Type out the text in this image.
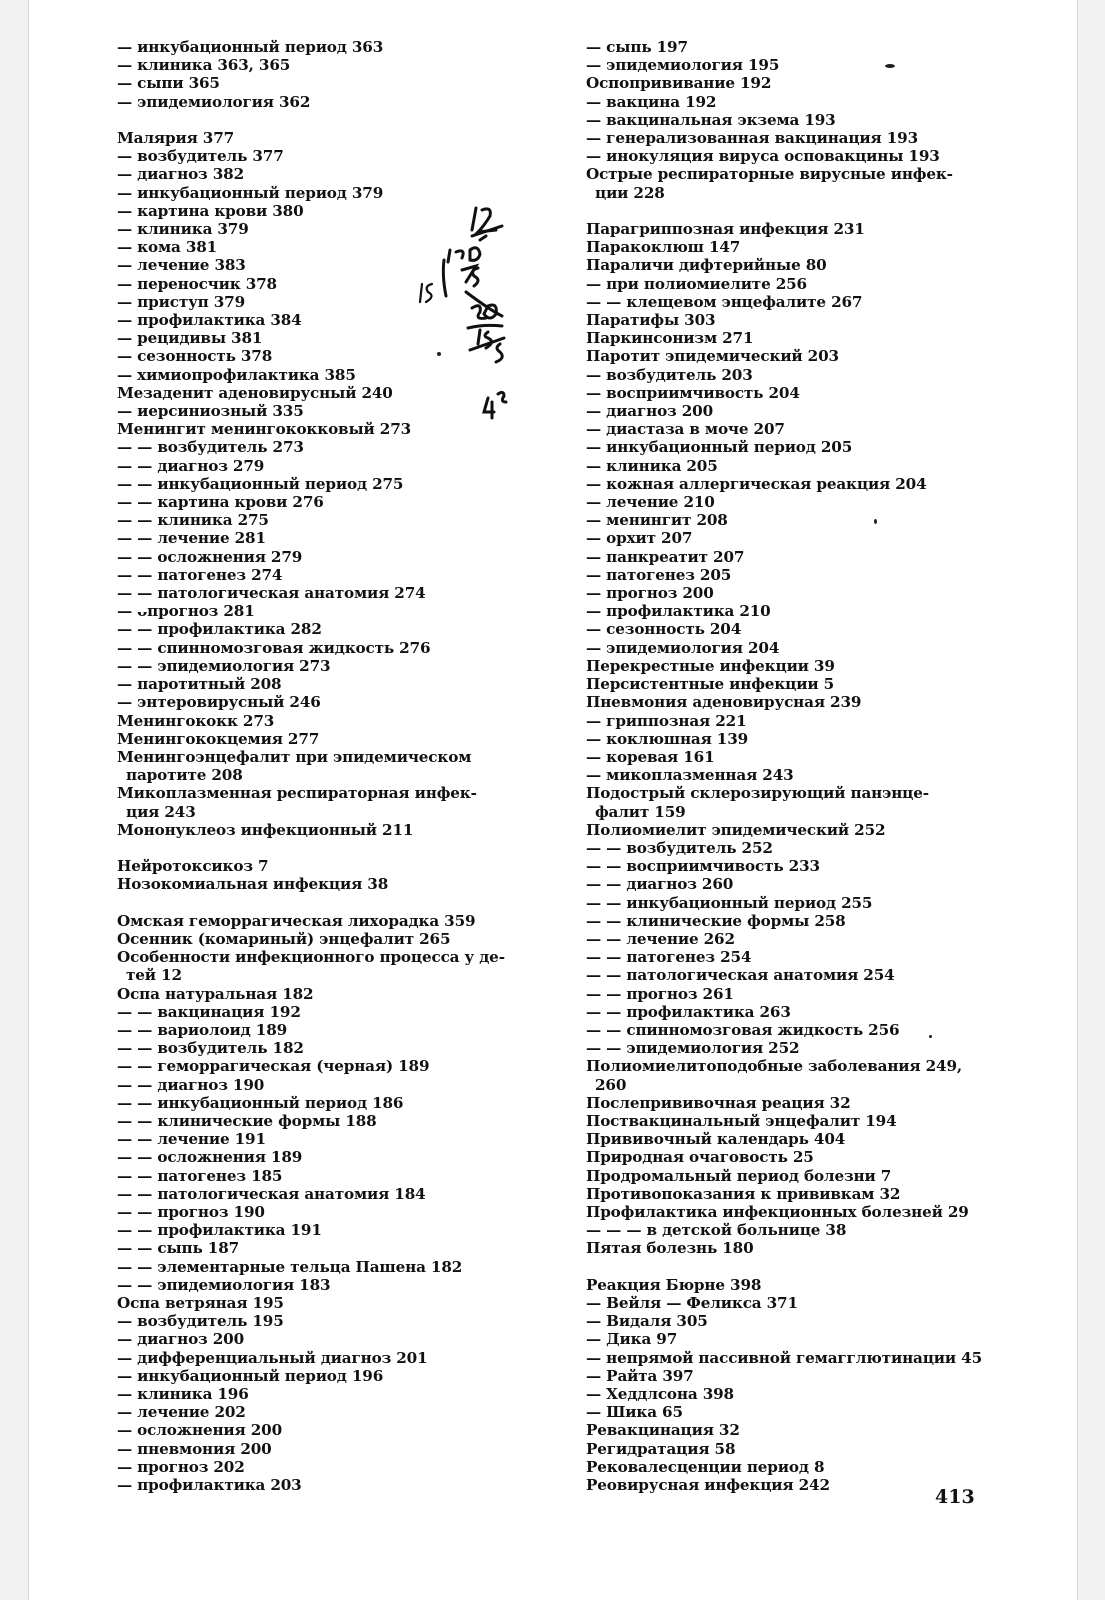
— инкубационный период 363
— клиника 363, 365
— сыпи 365
— эпидемиология 362
Малярия 377
— возбудитель 377
— диагноз 382
— инкубационный период 379
— картина крови 380
— клиника 379
— кома 381
— лечение 383
— переносчик 378
— приступ 379
— профилактика 384
— рецидивы 381
— сезонность 378
— химиопрофилактика 385
Мезаденит аденовирусный 240
— иерсиниозный 335
Менингит менингококковый 273
— — возбудитель 273
— — диагноз 279
— — инкубационный период 275
— — картина крови 276
— — клиника 275
— — лечение 281
— — осложнения 279
— — патогенез 274
— — патологическая анатомия 274
— ᴗпрогноз 281
— — профилактика 282
— — спинномозговая жидкость 276
— — эпидемиология 273
— паротитный 208
— энтеровирусный 246
Менингококк 273
Менингококцемия 277
Менингоэнцефалит при эпидемическом
паротите 208
Микоплазменная респираторная инфек-
ция 243
Мононуклеоз инфекционный 211
Нейротоксикоз 7
Нозокомиальная инфекция 38
Омская геморрагическая лихорадка 359
Осенник (комариный) энцефалит 265
Особенности инфекционного процесса у де-
тей 12
Оспа натуральная 182
— — вакцинация 192
— — вариолоид 189
— — возбудитель 182
— — геморрагическая (черная) 189
— — диагноз 190
— — инкубационный период 186
— — клинические формы 188
— — лечение 191
— — осложнения 189
— — патогенез 185
— — патологическая анатомия 184
— — прогноз 190
— — профилактика 191
— — сыпь 187
— — элементарные тельца Пашена 182
— — эпидемиология 183
Оспа ветряная 195
— возбудитель 195
— диагноз 200
— дифференциальный диагноз 201
— инкубационный период 196
— клиника 196
— лечение 202
— осложнения 200
— пневмония 200
— прогноз 202
— профилактика 203
— сыпь 197
— эпидемиология 195
Оспопрививание 192
— вакцина 192
— вакцинальная экзема 193
— генерализованная вакцинация 193
— инокуляция вируса осповакцины 193
Острые респираторные вирусные инфек-
ции 228
Парагриппозная инфекция 231
Паракоклюш 147
Параличи дифтерийные 80
— при полиомиелите 256
— — клещевом энцефалите 267
Паратифы 303
Паркинсонизм 271
Паротит эпидемический 203
— возбудитель 203
— восприимчивость 204
— диагноз 200
— диастаза в моче 207
— инкубационный период 205
— клиника 205
— кожная аллергическая реакция 204
— лечение 210
— менингит 208
— орхит 207
— панкреатит 207
— патогенез 205
— прогноз 200
— профилактика 210
— сезонность 204
— эпидемиология 204
Перекрестные инфекции 39
Персистентные инфекции 5
Пневмония аденовирусная 239
— гриппозная 221
— коклюшная 139
— коревая 161
— микоплазменная 243
Подострый склерозирующий панэнце-
фалит 159
Полиомиелит эпидемический 252
— — возбудитель 252
— — восприимчивость 233
— — диагноз 260
— — инкубационный период 255
— — клинические формы 258
— — лечение 262
— — патогенез 254
— — патологическая анатомия 254
— — прогноз 261
— — профилактика 263
— — спинномозговая жидкость 256
— — эпидемиология 252
Полиомиелитоподобные заболевания 249,
260
Послепрививочная реация 32
Поствакцинальный энцефалит 194
Прививочный календарь 404
Природная очаговость 25
Продромальный период болезни 7
Противопоказания к прививкам 32
Профилактика инфекционных болезней 29
— — — в детской больнице 38
Пятая болезнь 180
Реакция Бюрне 398
— Вейля — Феликса 371
— Видаля 305
— Дика 97
— непрямой пассивной гемагглютинации 45
— Райта 397
— Хеддлсона 398
— Шика 65
Ревакцинация 32
Регидратация 58
Рековалесценции период 8
Реовирусная инфекция 242
413
